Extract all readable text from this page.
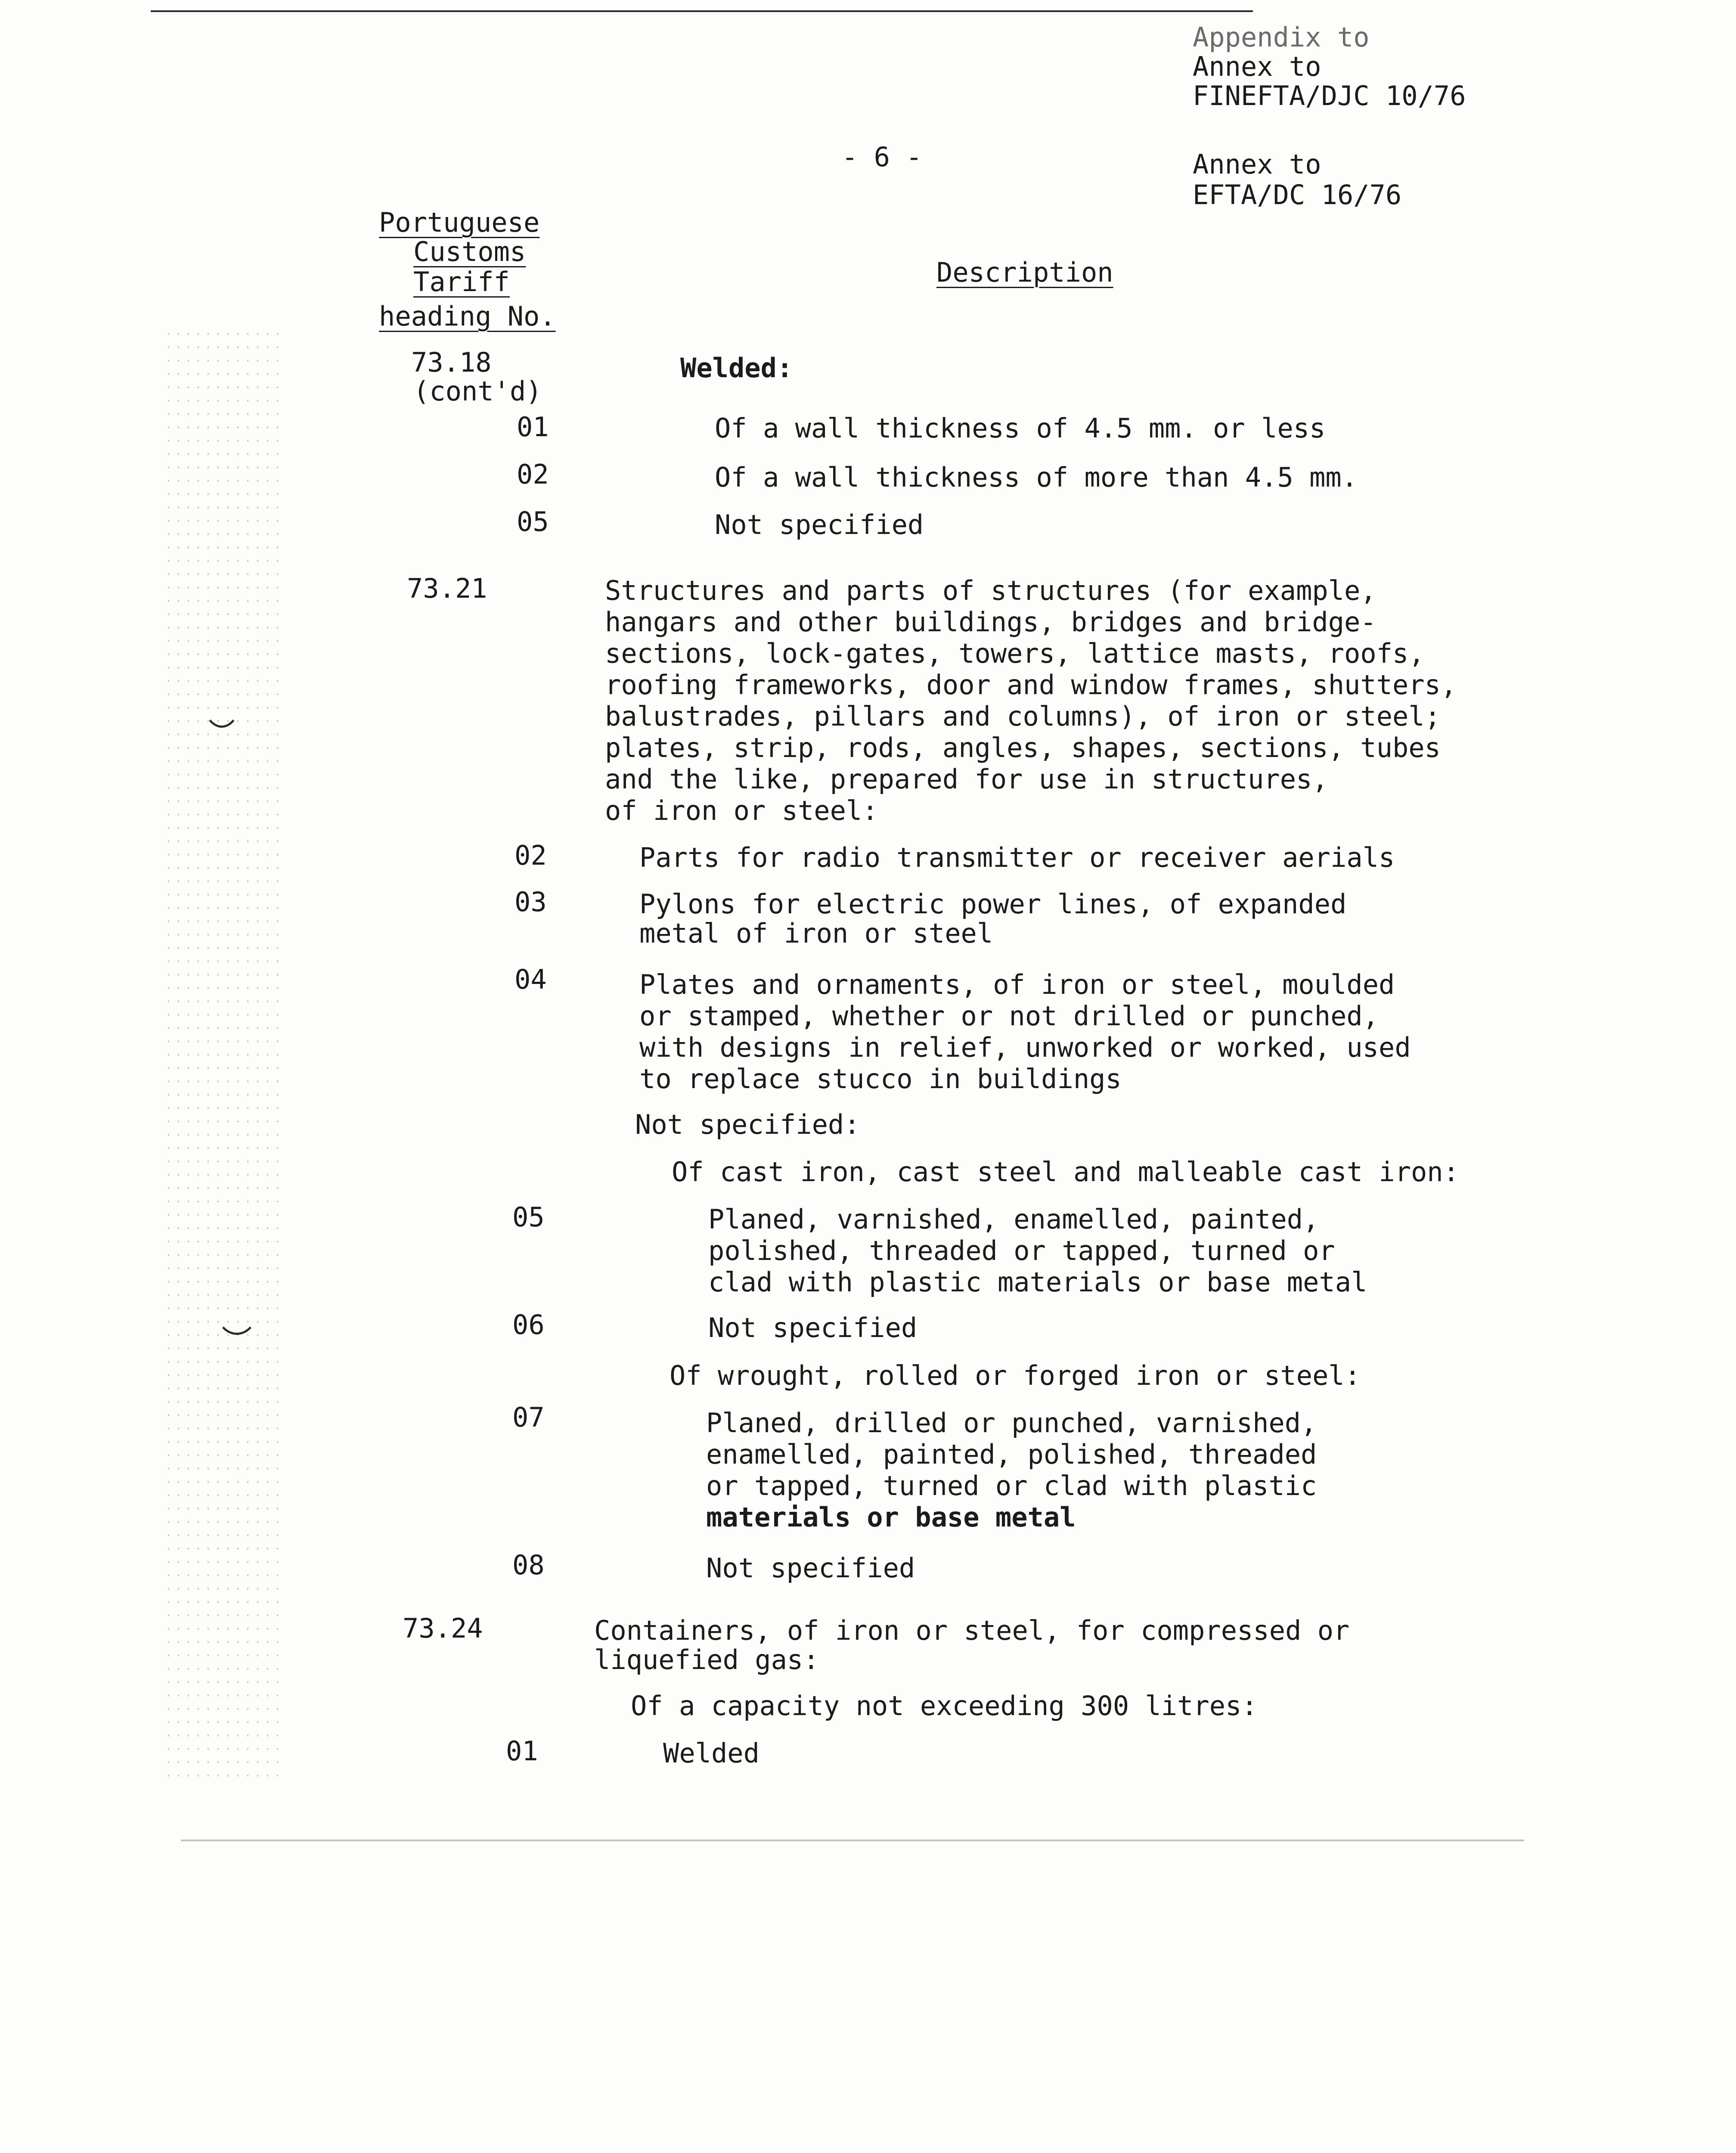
Appendix to
Annex to
FINEFTA/DJC 10/76
- 6 -	Annex to
EFTA/DC 16/76
Portuguese
Customs
Tariff
heading No.
Description
73.18	Welded:
(cont'd)
01	Of a wall thickness of 4.5 mm. or less
02	Of a wall thickness of more than 4.5 mm.
05	Not specified
73.21	Structures and parts of structures (for example,
hangars and other buildings, bridges and bridge-
sections, lock-gates, towers, lattice masts, roofs,
roofing frameworks, door and window frames, shutters,
balustrades, pillars and columns), of iron or steel;
plates, strip, rods, angles, shapes, sections, tubes
and the like, prepared for use in structures,
of iron or steel:
02	Parts for radio transmitter or receiver aerials
03	Pylons for electric power lines, of expanded
metal of iron or steel
04	Plates and ornaments, of iron or steel, moulded
or stamped, whether or not drilled or punched,
with designs in relief, unworked or worked, used
to replace stucco in buildings
Not specified:
Of cast iron, cast steel and malleable cast iron:
05	Planed, varnished, enamelled, painted,
polished, threaded or tapped, turned or
clad with plastic materials or base metal
06	Not specified
Of wrought, rolled or forged iron or steel:
07	Planed, drilled or punched, varnished,
enamelled, painted, polished, threaded
or tapped, turned or clad with plastic
materials or base metal
08	Not specified
73.24	Containers, of iron or steel, for compressed or
liquefied gas:
Of a capacity not exceeding 300 litres:
01	Welded
